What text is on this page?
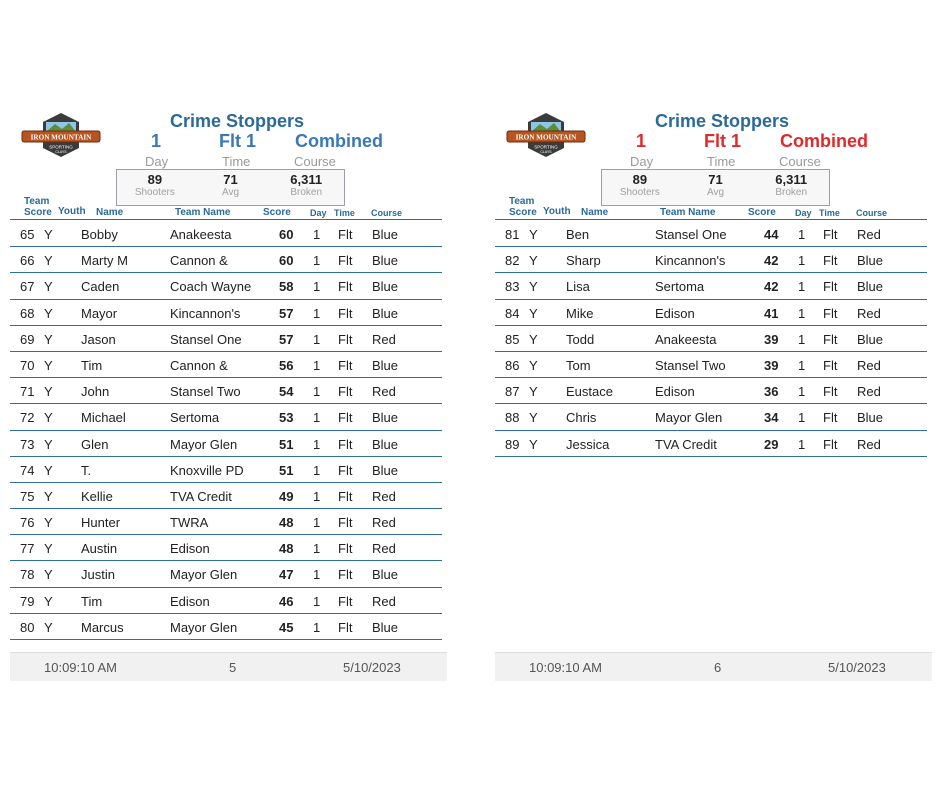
IRON MOUNTAIN
SPORTING
CLAYS
Crime Stoppers
1	Flt 1 Combined
Day	Time	Course
89
Shooters
71
Avg
6,311
Broken
Team
Score Youth Name	Team Name	Score Day Time Course
65 Y Bobby	Anakeesta	60 1 Flt Blue
66 Y Marty M	Cannon &	60 1 Flt Blue
67 Y Caden	Coach Wayne 58 1 Flt Blue
68 Y Mayor	Kincannon's	57 1 Flt Blue
69 Y Jason	Stansel One	57 1 Flt Red
70 Y Tim	Cannon &	56 1 Flt Blue
71 Y John	Stansel Two	54 1 Flt Red
72 Y Michael	Sertoma	53 1 Flt Blue
73 Y Glen	Mayor Glen	51 1 Flt Blue
74 Y T.	Knoxville PD	51 1 Flt Blue
75 Y Kellie	TVA Credit	49 1 Flt Red
76 Y Hunter	TWRA	48 1 Flt Red
77 Y Austin	Edison	48 1 Flt Red
78 Y Justin	Mayor Glen	47 1 Flt Blue
79 Y Tim	Edison	46 1 Flt Red
80 Y Marcus	Mayor Glen	45 1 Flt Blue
10:09:10 AM	5	5/10/2023
IRON MOUNTAIN
SPORTING
CLAYS
Crime Stoppers
1	Flt 1 Combined
Day	Time	Course
89
Shooters
71
Avg
6,311
Broken
Team
Score Youth Name	Team Name	Score Day Time Course
81 Y Ben	Stansel One	44 1 Flt Red
82 Y Sharp	Kincannon's	42 1 Flt Blue
83 Y Lisa	Sertoma	42 1 Flt Blue
84 Y Mike	Edison	41 1 Flt Red
85 Y Todd	Anakeesta	39 1 Flt Blue
86 Y Tom	Stansel Two	39 1 Flt Red
87 Y Eustace	Edison	36 1 Flt Red
88 Y Chris	Mayor Glen	34 1 Flt Blue
89 Y Jessica	TVA Credit	29 1 Flt Red
10:09:10 AM	6	5/10/2023
